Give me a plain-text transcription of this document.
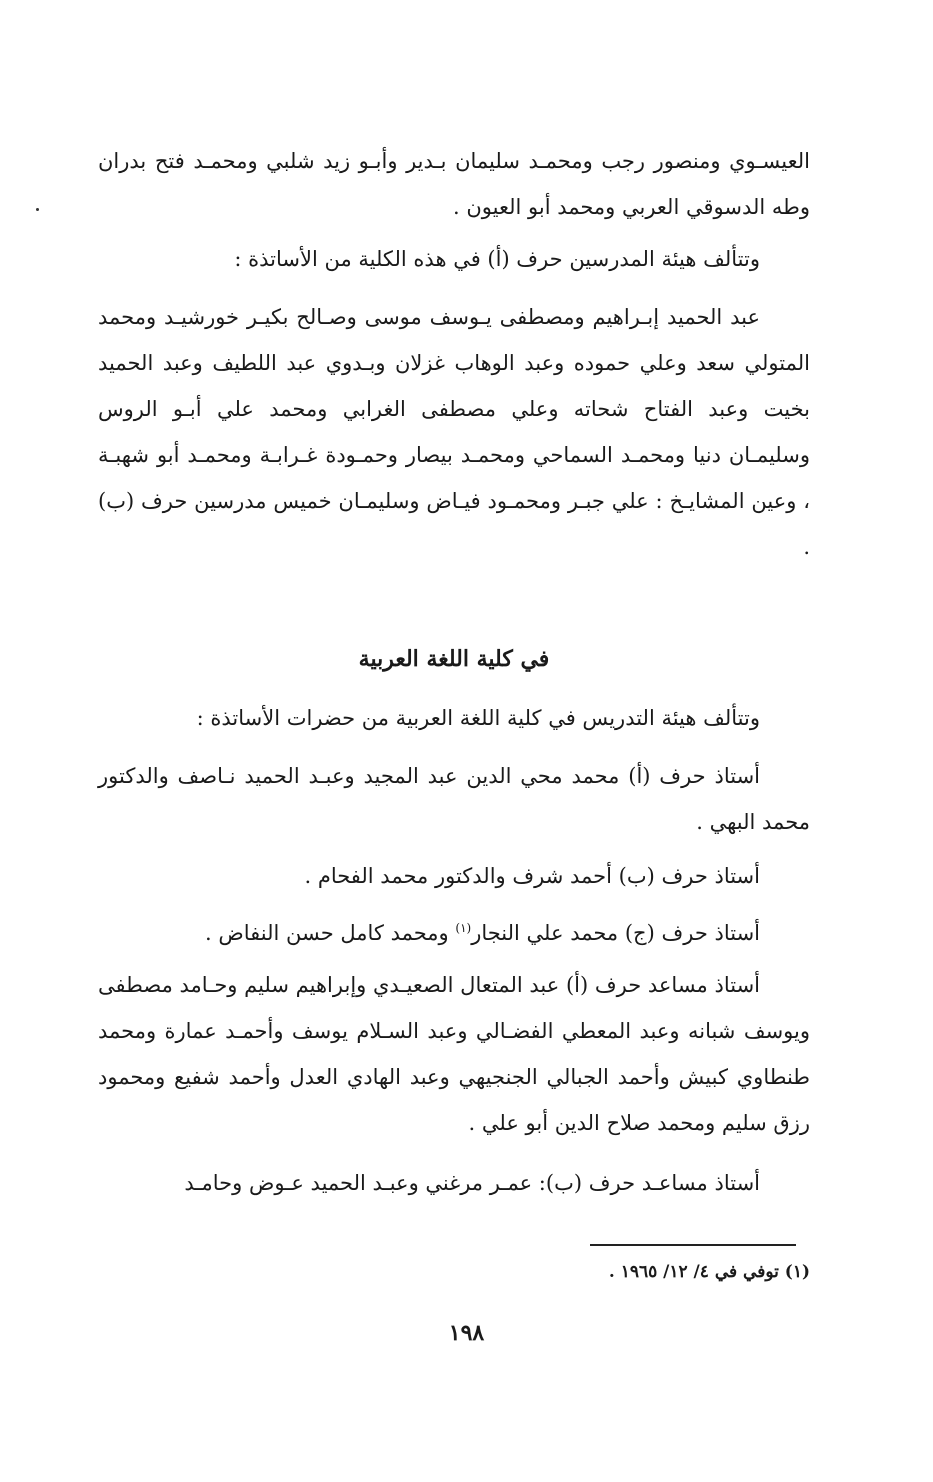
العيسـوي ومنصور رجب ومحمـد سليمان بـدير وأبـو زيد شلبي ومحمـد فتح بدران وطه الدسوقي العربي ومحمد أبو العيون .

وتتألف هيئة المدرسين حرف (أ) في هذه الكلية من الأساتذة :

عبد الحميد إبـراهيم ومصطفى يـوسف موسى وصـالح بكيـر خورشيـد ومحمد المتولي سعد وعلي حموده وعبد الوهاب غزلان وبـدوي عبد اللطيف وعبد الحميد بخيت وعبد الفتاح شحاته وعلي مصطفى الغرابي ومحمد علي أبـو الروس وسليمـان دنيا ومحمـد السماحي ومحمـد بيصار وحمـودة غـرابـة ومحمـد أبو شهبـة ، وعين المشايـخ : علي جبـر ومحمـود فيـاض وسليمـان خميس مدرسين حرف (ب) .

في كلية اللغة العربية

وتتألف هيئة التدريس في كلية اللغة العربية من حضرات الأساتذة :

أستاذ حرف (أ) محمد محي الدين عبد المجيد وعبـد الحميد نـاصف والدكتور محمد البهي .

أستاذ حرف (ب) أحمد شرف والدكتور محمد الفحام .

أستاذ حرف (ج) محمد علي النجار$^{(١)}$ ومحمد كامل حسن النفاض .

أستاذ مساعد حرف (أ) عبد المتعال الصعيـدي وإبراهيم سليم وحـامد مصطفى ويوسف شبانه وعبد المعطي الفضـالي وعبد السـلام يوسف وأحمـد عمارة ومحمد طنطاوي كبيش وأحمد الجبالي الجنجيهي وعبد الهادي العدل وأحمد شفيع ومحمود رزق سليم ومحمد صلاح الدين أبو علي .

أستاذ مساعـد حرف (ب): عمـر مرغني وعبـد الحميد عـوض وحامـد

(١) توفي في ٤/ ١٢/ ١٩٦٥ .
١٩٨
